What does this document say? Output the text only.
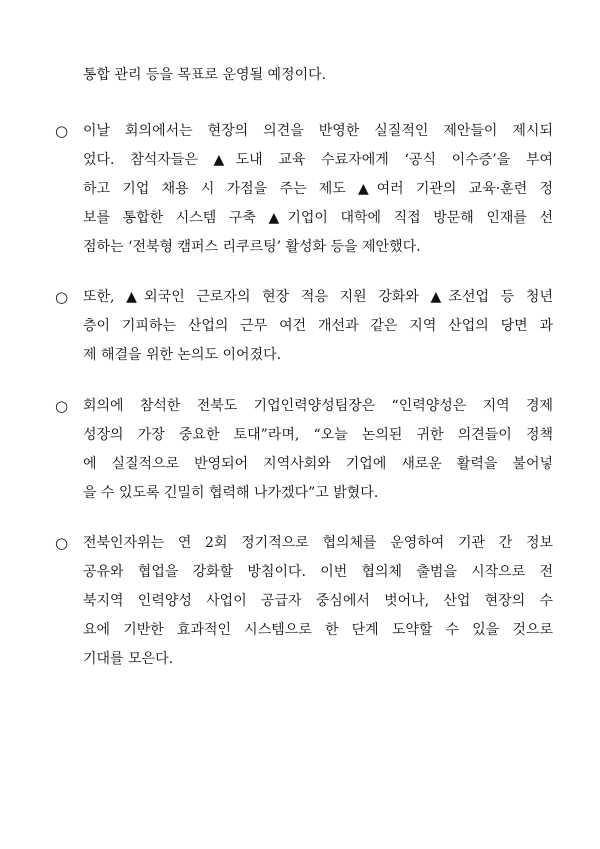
통합 관리 등을 목표로 운영될 예정이다.

○	이날 회의에서는 현장의 의견을 반영한 실질적인 제안들이 제시되

었다. 참석자들은 ▲도내 교육 수료자에게 ‘공식 이수증’을 부여

하고 기업 채용 시 가점을 주는 제도 ▲여러 기관의 교육·훈련 정

보를 통합한 시스템 구축 ▲기업이 대학에 직접 방문해 인재를 선

점하는 ‘전북형 캠퍼스 리쿠르팅’ 활성화 등을 제안했다.

○	또한, ▲외국인 근로자의 현장 적응 지원 강화와 ▲조선업 등 청년

층이 기피하는 산업의 근무 여건 개선과 같은 지역 산업의 당면 과

제 해결을 위한 논의도 이어졌다.

○	회의에 참석한 전북도 기업인력양성팀장은 “인력양성은 지역 경제

성장의 가장 중요한 토대”라며, “오늘 논의된 귀한 의견들이 정책

에 실질적으로 반영되어 지역사회와 기업에 새로운 활력을 불어넣

을 수 있도록 긴밀히 협력해 나가겠다”고 밝혔다.

○	전북인자위는 연 2회 정기적으로 협의체를 운영하여 기관 간 정보

공유와 협업을 강화할 방침이다. 이번 협의체 출범을 시작으로 전

북지역 인력양성 사업이 공급자 중심에서 벗어나, 산업 현장의 수

요에 기반한 효과적인 시스템으로 한 단계 도약할 수 있을 것으로

기대를 모은다.
